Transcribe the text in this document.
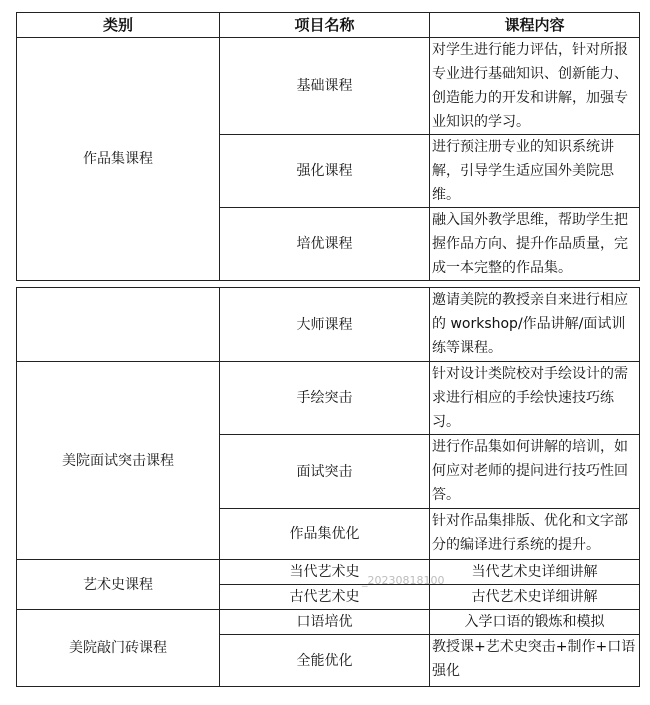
类别	项目名称	课程内容
作品集课程	基础课程	对学生进行能力评估，针对所报专业进行基础知识、创新能力、创造能力的开发和讲解，加强专业知识的学习。
	强化课程	进行预注册专业的知识系统讲解，引导学生适应国外美院思维。
	培优课程	融入国外教学思维，帮助学生把握作品方向、提升作品质量，完成一本完整的作品集。
	大师课程	邀请美院的教授亲自来进行相应的 workshop/作品讲解/面试训练等课程。
美院面试突击课程	手绘突击	针对设计类院校对手绘设计的需求进行相应的手绘快速技巧练习。
	面试突击	进行作品集如何讲解的培训，如何应对老师的提问进行技巧性回答。
	作品集优化	针对作品集排版、优化和文字部分的编译进行系统的提升。
艺术史课程	当代艺术史	当代艺术史详细讲解
	古代艺术史	古代艺术史详细讲解
美院敲门砖课程	口语培优	入学口语的锻炼和模拟
	全能优化	教授课+艺术史突击+制作+口语强化
_20230818100
